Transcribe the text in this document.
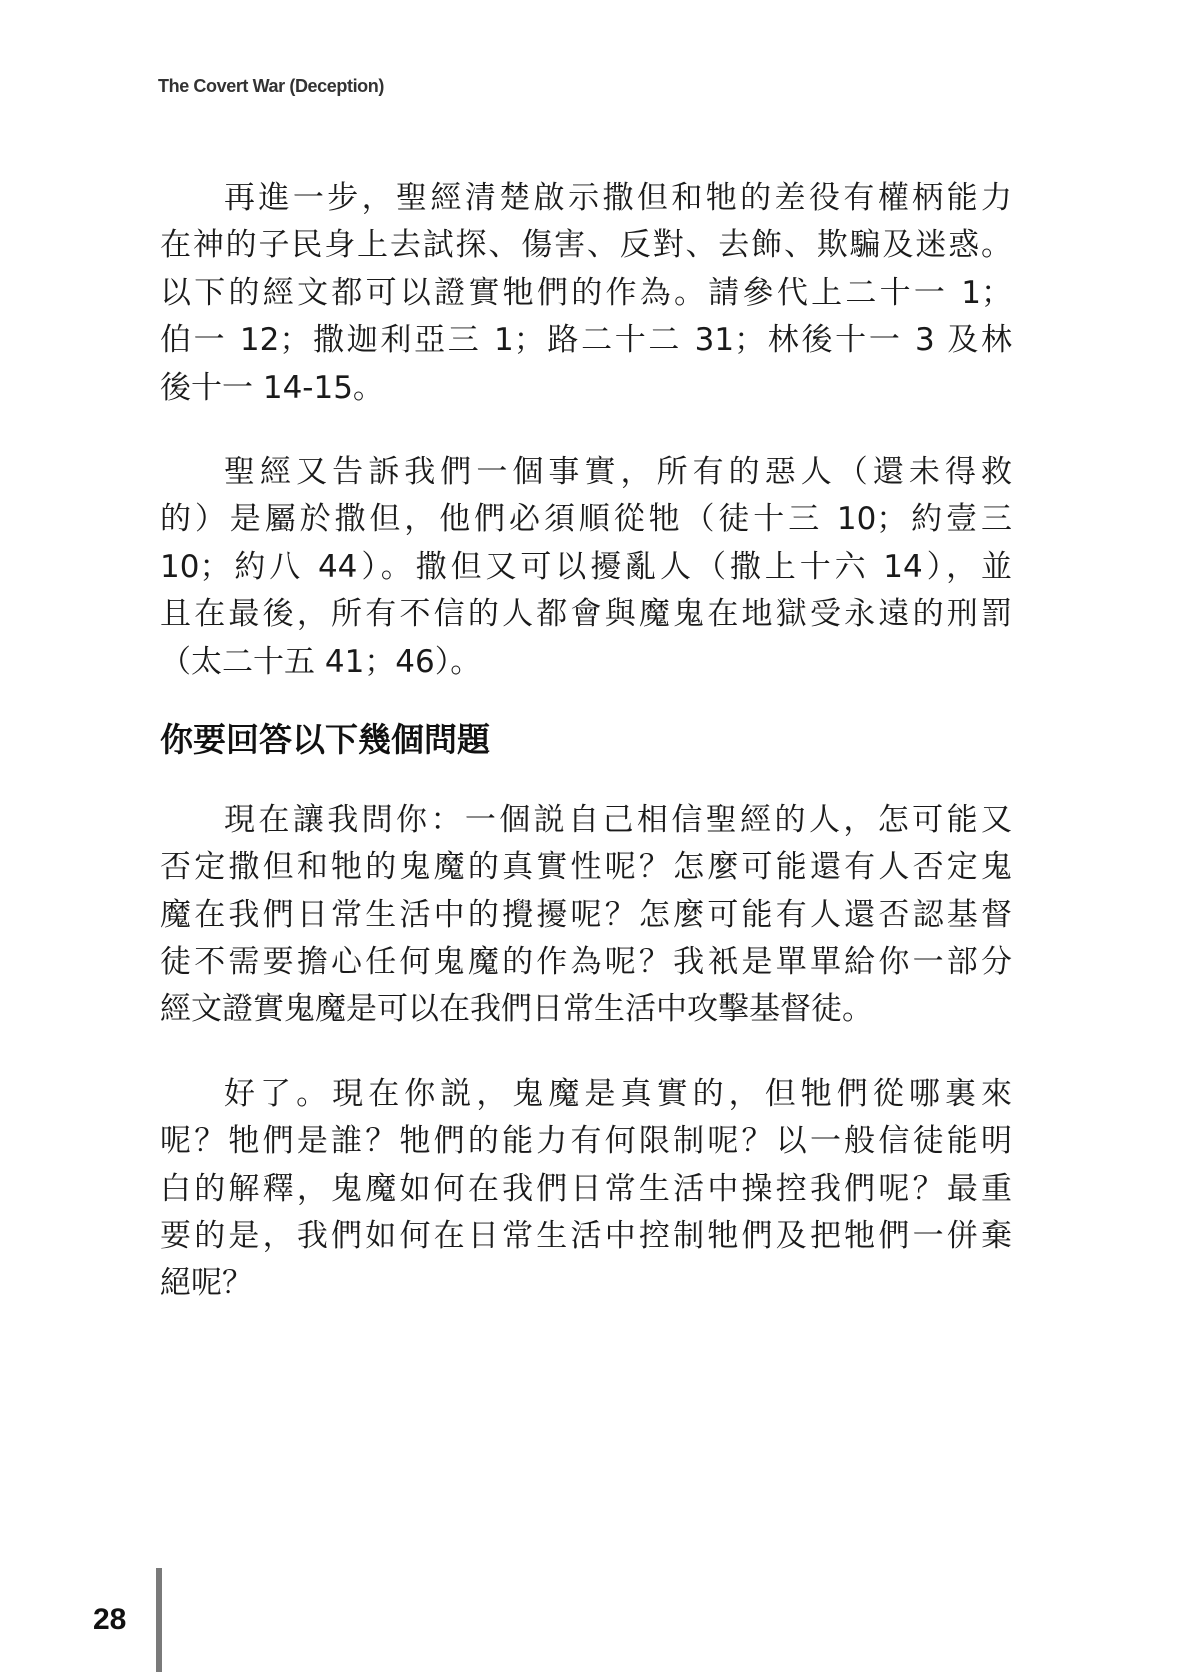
The Covert War (Deception)
再進一步，聖經清楚啟示撒但和牠的差役有權柄能力
在神的子民身上去試探、傷害、反對、去飾、欺騙及迷惑。
以下的經文都可以證實牠們的作為。請參代上二十一 1；
伯一 12；撒迦利亞三 1；路二十二 31；林後十一 3 及林
後十一 14-15。
聖經又告訴我們一個事實，所有的惡人（還未得救
的）是屬於撒但，他們必須順從牠（徒十三 10；約壹三
10；約八 44）。撒但又可以擾亂人（撒上十六 14），並
且在最後，所有不信的人都會與魔鬼在地獄受永遠的刑罰
（太二十五 41；46）。
你要回答以下幾個問題
現在讓我問你：一個説自己相信聖經的人，怎可能又
否定撒但和牠的鬼魔的真實性呢？怎麼可能還有人否定鬼
魔在我們日常生活中的攪擾呢？怎麼可能有人還否認基督
徒不需要擔心任何鬼魔的作為呢？我衹是單單給你一部分
經文證實鬼魔是可以在我們日常生活中攻擊基督徒。
好了。現在你説，鬼魔是真實的，但牠們從哪裏來
呢？牠們是誰？牠們的能力有何限制呢？以一般信徒能明
白的解釋，鬼魔如何在我們日常生活中操控我們呢？最重
要的是，我們如何在日常生活中控制牠們及把牠們一併棄
絕呢？
28
